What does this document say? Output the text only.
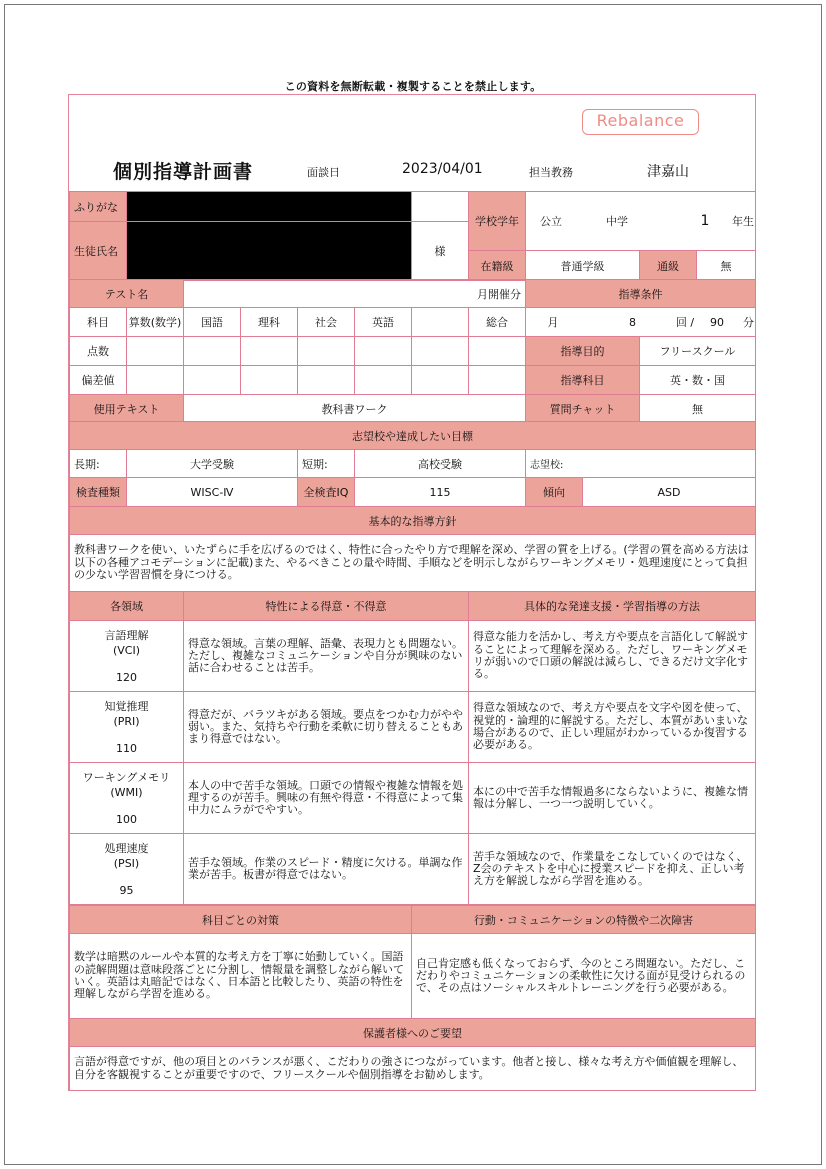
この資料を無断転載・複製することを禁止します。
Rebalance
個別指導計画書	面談日	2023/04/01	担当教務	津嘉山
ふりがな			学校学年	公立 中学 1 年生		

生徒氏名		様				
			在籍級	普通学級	通級	無
テスト名		月開催分						指導条件	
科目	算数(数学)	国語	理科	社会	英語		総合	月 8 回 / 90 分	

点数								指導目的	フリースクール
偏差値								指導科目	英・数・国
使用テキスト		教科書ワーク						質問チャット	無
志望校や達成したい目標
長期:	大学受験	短期:	高校受験	志望校:
検査種類	WISC-Ⅳ	全検査IQ	115	傾向	ASD
基本的な指導方針
教科書ワークを使い、いたずらに手を広げるのではく、特性に合ったやり方で理解を深め、学習の質を上げる。(学習の質を高める方法は以下の各種アコモデーションに記載)また、やるべきことの量や時間、手順などを明示しながらワーキングメモリ・処理速度にとって負担の少ない学習習慣を身につける。
各領域	特性による得意・不得意	具体的な発達支援・学習指導の方法

言語理解
(VCI)
120	得意な領域。言葉の理解、語彙、表現力とも問題ない。ただし、複雑なコミュニケーションや自分が興味のない話に合わせることは苦手。	得意な能力を活かし、考え方や要点を言語化して解説することによって理解を深める。ただし、ワーキングメモリが弱いので口頭の解説は減らし、できるだけ文字化する。

知覚推理
(PRI)
110	得意だが、バラツキがある領域。要点をつかむ力がやや弱い。また、気持ちや行動を柔軟に切り替えることもあまり得意ではない。	得意な領域なので、考え方や要点を文字や図を使って、視覚的・論理的に解説する。ただし、本質があいまいな場合があるので、正しい理屈がわかっているか復習する必要がある。

ワーキングメモリ
(WMI)
100	本人の中で苦手な領域。口頭での情報や複雑な情報を処理するのが苦手。興味の有無や得意・不得意によって集中力にムラがでやすい。	本にの中で苦手な情報過多にならないように、複雑な情報は分解し、一つ一つ説明していく。

処理速度
(PSI)
95	苦手な領域。作業のスピード・精度に欠ける。単調な作業が苦手。板書が得意ではない。	苦手な領域なので、作業量をこなしていくのではなく、Z会のテキストを中心に授業スピードを抑え、正しい考え方を解説しながら学習を進める。
科目ごとの対策	行動・コミュニケーションの特徴や二次障害
数学は暗黙のルールや本質的な考え方を丁寧に始動していく。国語の読解問題は意味段落ごとに分割し、情報量を調整しながら解いていく。英語は丸暗記ではなく、日本語と比較したり、英語の特性を理解しながら学習を進める。	自己肯定感も低くなっておらず、今のところ問題ない。ただし、こだわりやコミュニケーションの柔軟性に欠ける面が見受けられるので、その点はソーシャルスキルトレーニングを行う必要がある。
保護者様へのご要望
言語が得意ですが、他の項目とのバランスが悪く、こだわりの強さにつながっています。他者と接し、様々な考え方や価値観を理解し、自分を客観視することが重要ですので、フリースクールや個別指導をお勧めします。
